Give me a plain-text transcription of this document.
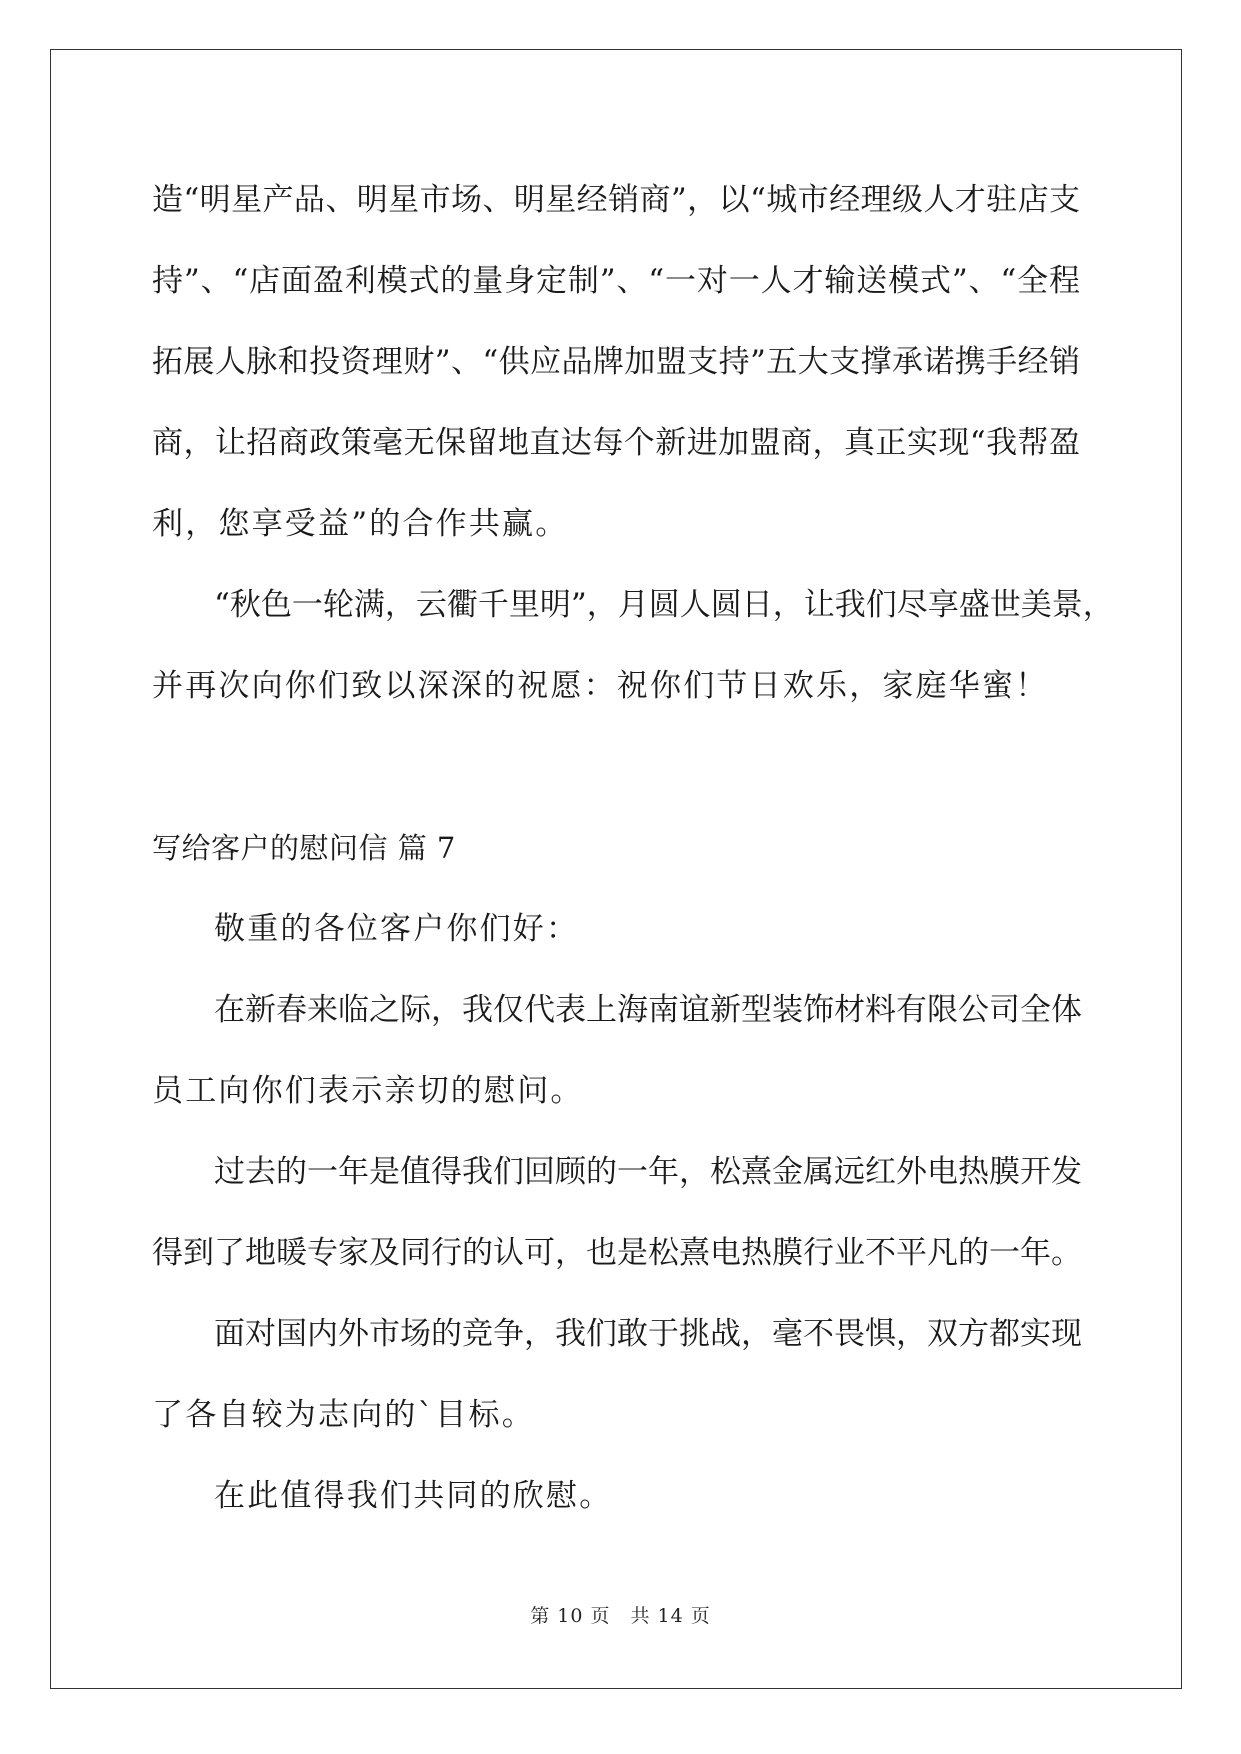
造“明星产品、明星市场、明星经销商”，以“城市经理级人才驻店支
持”、“店面盈利模式的量身定制”、“一对一人才输送模式”、“全程
拓展人脉和投资理财”、“供应品牌加盟支持”五大支撑承诺携手经销
商，让招商政策毫无保留地直达每个新进加盟商，真正实现“我帮盈
利，您享受益”的合作共赢。
“秋色一轮满，云衢千里明”，月圆人圆日，让我们尽享盛世美景，
并再次向你们致以深深的祝愿：祝你们节日欢乐，家庭华蜜！
写给客户的慰问信 篇 7
敬重的各位客户你们好：
在新春来临之际，我仅代表上海南谊新型装饰材料有限公司全体
员工向你们表示亲切的慰问。
过去的一年是值得我们回顾的一年，松熹金属远红外电热膜开发
得到了地暖专家及同行的认可，也是松熹电热膜行业不平凡的一年。
面对国内外市场的竞争，我们敢于挑战，毫不畏惧，双方都实现
了各自较为志向的`目标。
在此值得我们共同的欣慰。
第 10 页　共 14 页
